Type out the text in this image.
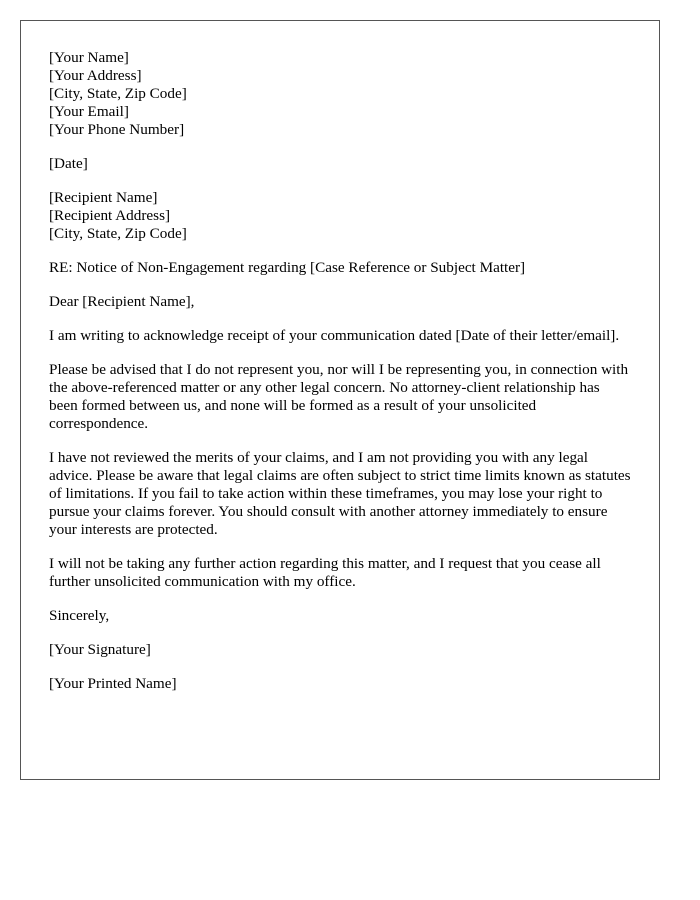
[Your Name]
[Your Address]
[City, State, Zip Code]
[Your Email]
[Your Phone Number]
[Date]
[Recipient Name]
[Recipient Address]
[City, State, Zip Code]

RE: Notice of Non-Engagement regarding [Case Reference or Subject Matter]

Dear [Recipient Name],

I am writing to acknowledge receipt of your communication dated [Date of their letter/email].

Please be advised that I do not represent you, nor will I be representing you, in connection with the above-referenced matter or any other legal concern. No attorney-client relationship has been formed between us, and none will be formed as a result of your unsolicited correspondence.

I have not reviewed the merits of your claims, and I am not providing you with any legal advice. Please be aware that legal claims are often subject to strict time limits known as statutes of limitations. If you fail to take action within these timeframes, you may lose your right to pursue your claims forever. You should consult with another attorney immediately to ensure your interests are protected.

I will not be taking any further action regarding this matter, and I request that you cease all further unsolicited communication with my office.

Sincerely,

[Your Signature]

[Your Printed Name]
